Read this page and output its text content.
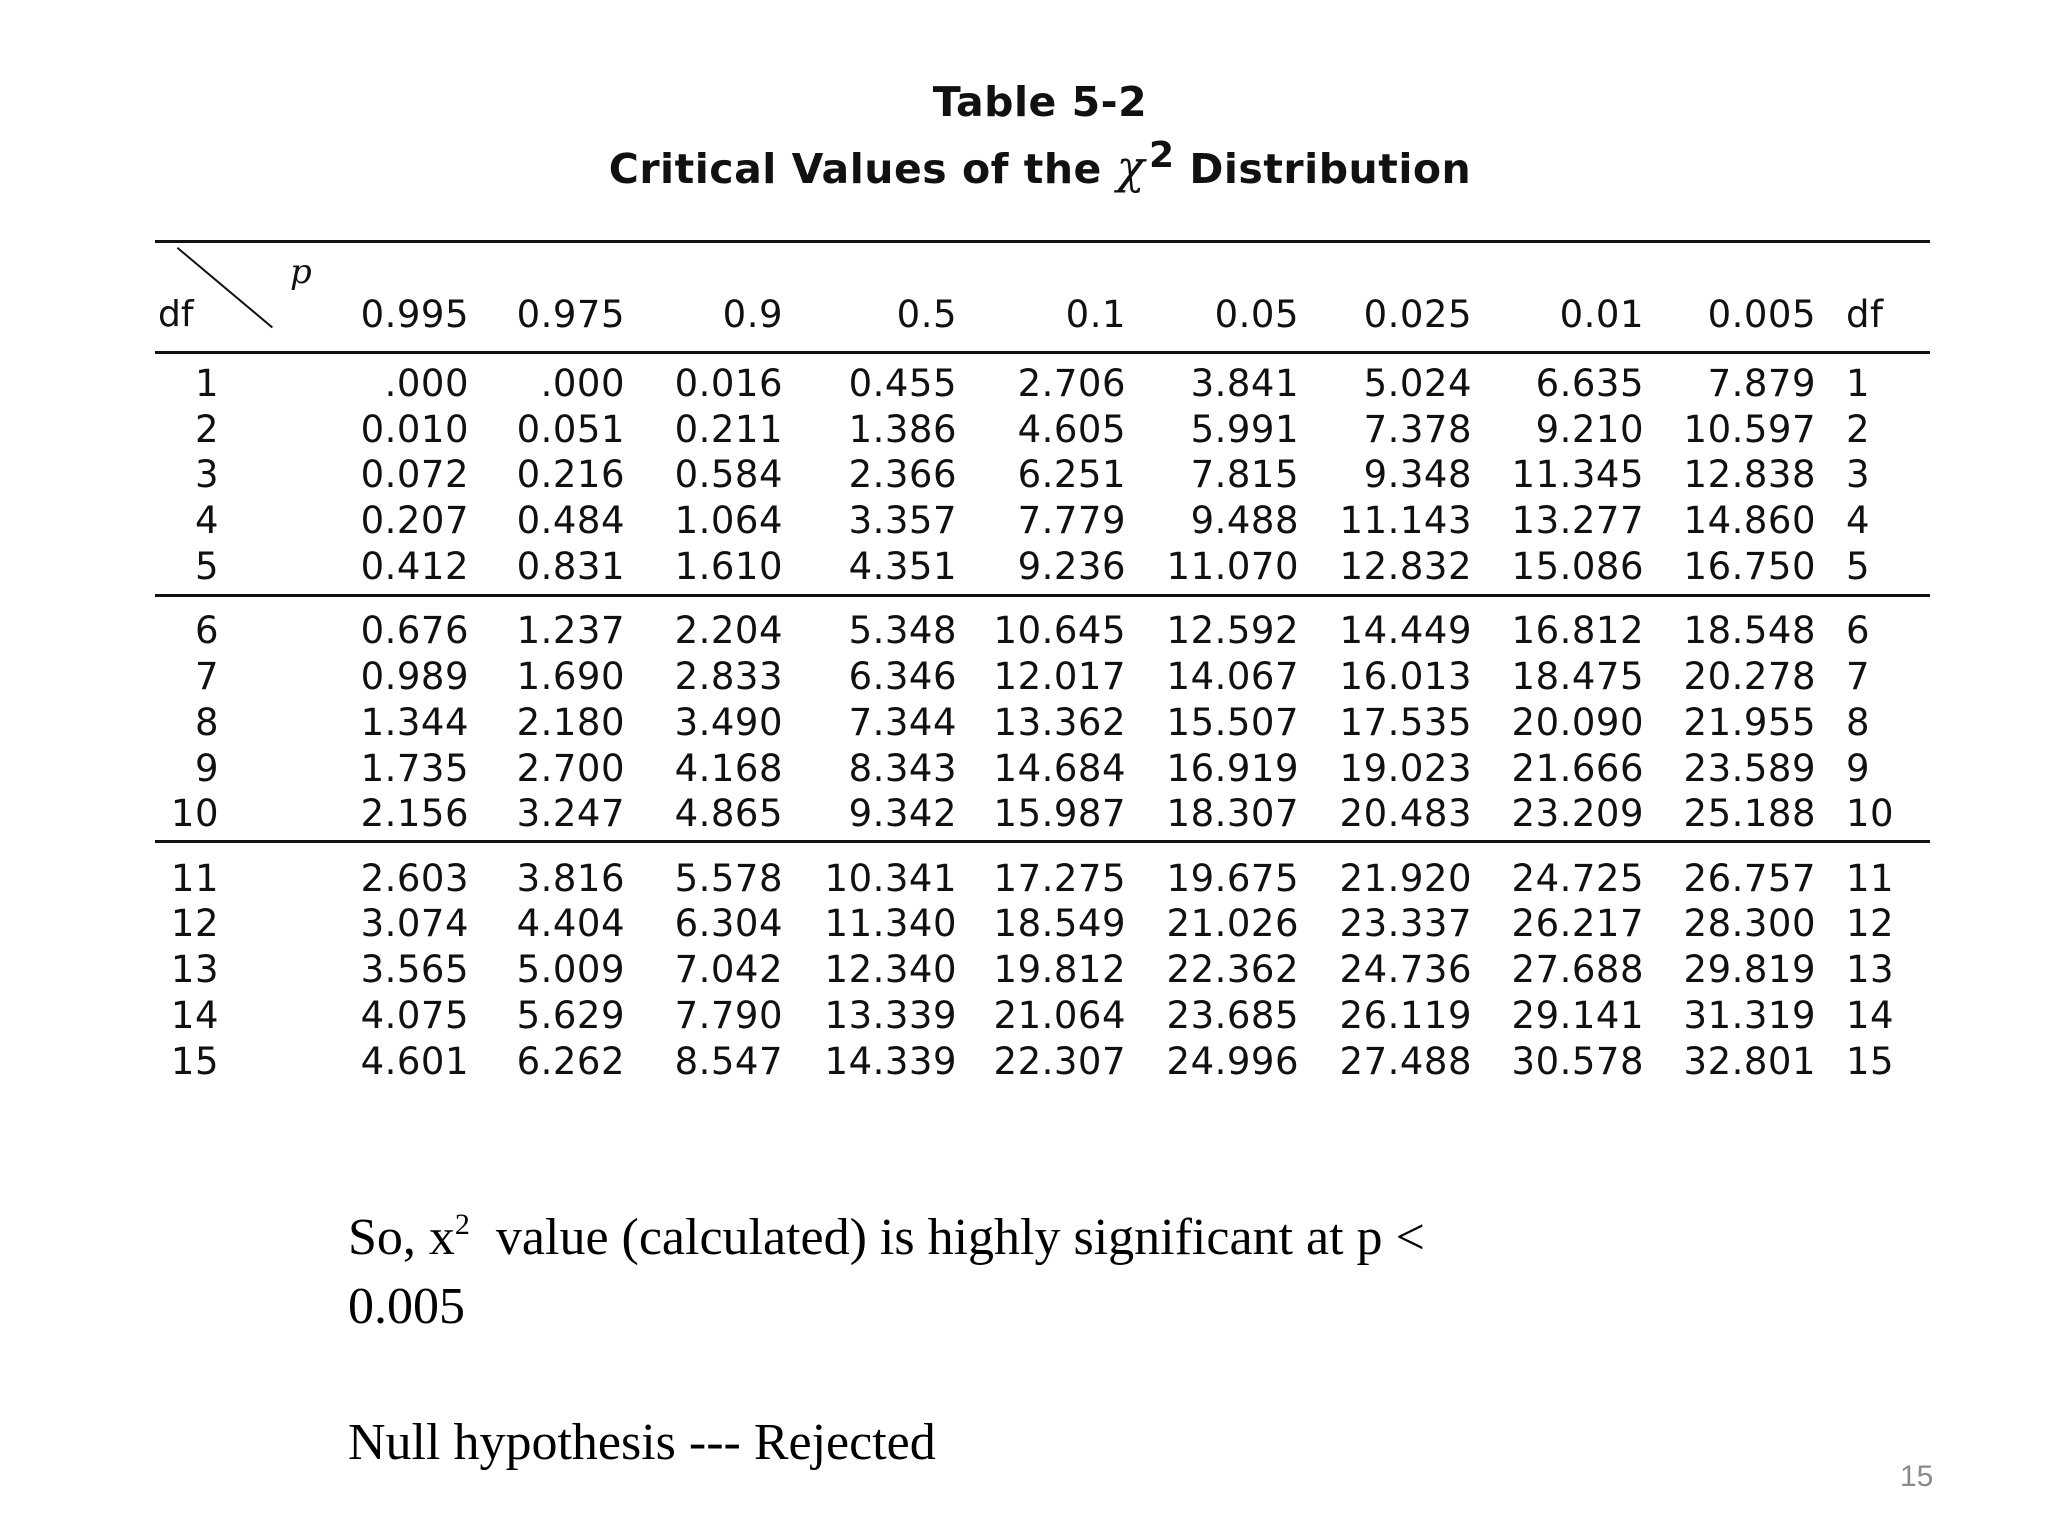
Table 5-2
Critical Values of the χ 2 Distribution
df
p
0.995 0.975	0.9	0.5	0.1 0.05 0.025 0.01 0.005 df
1	.000 .000 0.016 0.455 2.706 3.841 5.024 6.635 7.879 1
2	0.010 0.051 0.211 1.386 4.605 5.991 7.378 9.210 10.597 2
3	0.072 0.216 0.584 2.366 6.251 7.815 9.348 11.345 12.838 3
4	0.207 0.484 1.064 3.357 7.779 9.488 11.143 13.277 14.860 4
5	0.412 0.831 1.610 4.351 9.236 11.070 12.832 15.086 16.750 5
6	0.676 1.237 2.204 5.348 10.645 12.592 14.449 16.812 18.548 6
7	0.989 1.690 2.833 6.346 12.017 14.067 16.013 18.475 20.278 7
8	1.344 2.180 3.490 7.344 13.362 15.507 17.535 20.090 21.955 8
9	1.735 2.700 4.168 8.343 14.684 16.919 19.023 21.666 23.589 9
10	2.156 3.247 4.865 9.342 15.987 18.307 20.483 23.209 25.188 10
11	2.603 3.816 5.578 10.341 17.275 19.675 21.920 24.725 26.757 11
12	3.074 4.404 6.304 11.340 18.549 21.026 23.337 26.217 28.300 12
13	3.565 5.009 7.042 12.340 19.812 22.362 24.736 27.688 29.819 13
14	4.075 5.629 7.790 13.339 21.064 23.685 26.119 29.141 31.319 14
15	4.601 6.262 8.547 14.339 22.307 24.996 27.488 30.578 32.801 15
So, $x^2$  value (calculated) is highly significant at p <
0.005
Null hypothesis --- Rejected
15
